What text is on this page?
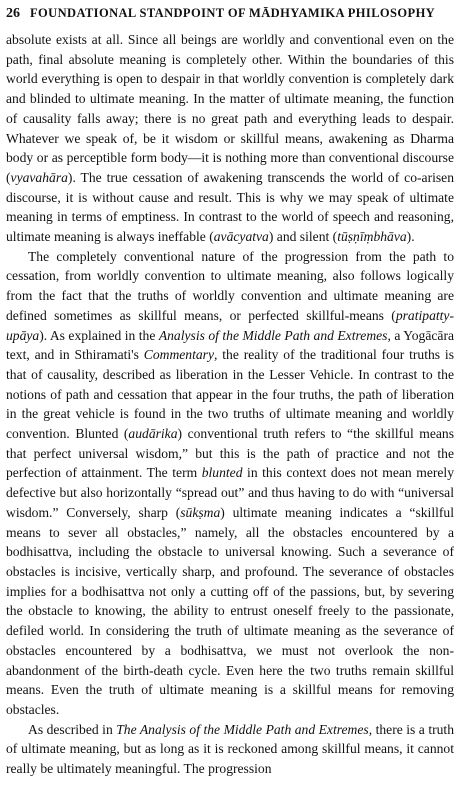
26 FOUNDATIONAL STANDPOINT OF MĀDHYAMIKA PHILOSOPHY

absolute exists at all. Since all beings are worldly and conventional even on the path, final absolute meaning is completely other. Within the boundaries of this world everything is open to despair in that worldly convention is completely dark and blinded to ultimate meaning. In the matter of ultimate meaning, the function of causality falls away; there is no great path and everything leads to despair. Whatever we speak of, be it wisdom or skillful means, awakening as Dharma body or as perceptible form body—it is nothing more than conventional discourse (vyavahāra). The true cessation of awakening transcends the world of co-arisen discourse, it is without cause and result. This is why we may speak of ultimate meaning in terms of emptiness. In contrast to the world of speech and reasoning, ultimate meaning is always ineffable (avācyatva) and silent (tūṣṇīṃbhāva).

The completely conventional nature of the progression from the path to cessation, from worldly convention to ultimate meaning, also follows logically from the fact that the truths of worldly convention and ultimate meaning are defined sometimes as skillful means, or perfected skillful-means (pratipatty-upāya). As explained in the Analysis of the Middle Path and Extremes, a Yogācāra text, and in Sthiramati's Commentary, the reality of the traditional four truths is that of causality, described as liberation in the Lesser Vehicle. In contrast to the notions of path and cessation that appear in the four truths, the path of liberation in the great vehicle is found in the two truths of ultimate meaning and worldly convention. Blunted (audārika) conventional truth refers to “the skillful means that perfect universal wisdom,” but this is the path of practice and not the perfection of attainment. The term blunted in this context does not mean merely defective but also horizontally “spread out” and thus having to do with “universal wisdom.” Conversely, sharp (sūkṣma) ultimate meaning indicates a “skillful means to sever all obstacles,” namely, all the obstacles encountered by a bodhisattva, including the obstacle to universal knowing. Such a severance of obstacles is incisive, vertically sharp, and profound. The severance of obstacles implies for a bodhisattva not only a cutting off of the passions, but, by severing the obstacle to knowing, the ability to entrust oneself freely to the passionate, defiled world. In considering the truth of ultimate meaning as the severance of obstacles encountered by a bodhisattva, we must not overlook the non-abandonment of the birth-death cycle. Even here the two truths remain skillful means. Even the truth of ultimate meaning is a skillful means for removing obstacles.

As described in The Analysis of the Middle Path and Extremes, there is a truth of ultimate meaning, but as long as it is reckoned among skillful means, it cannot really be ultimately meaningful. The progression
